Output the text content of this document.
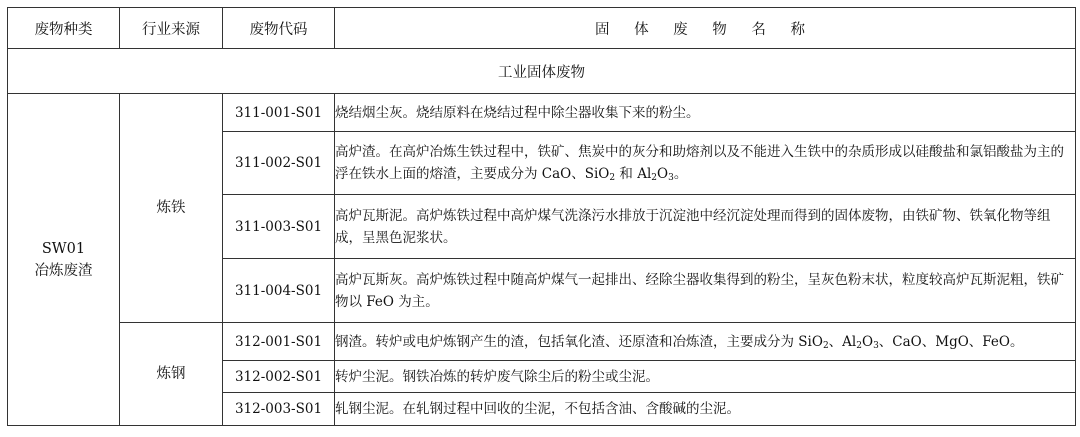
废物种类	行业来源	废物代码	固 体 废 物 名 称
工业固体废物			

SW01
冶炼废渣	炼铁	311-001-S01	烧结烟尘灰。烧结原料在烧结过程中除尘器收集下来的粉尘。
		311-002-S01	高炉渣。在高炉冶炼生铁过程中，铁矿、焦炭中的灰分和助熔剂以及不能进入生铁中的杂质形成以硅酸盐和氯铝酸盐为主的浮在铁水上面的熔渣，主要成分为 CaO、SiO$_2$ 和 $Al_2O_3$。
		311-003-S01	高炉瓦斯泥。高炉炼铁过程中高炉煤气洗涤污水排放于沉淀池中经沉淀处理而得到的固体废物，由铁矿物、铁氧化物等组成，呈黑色泥浆状。
		311-004-S01	高炉瓦斯灰。高炉炼铁过程中随高炉煤气一起排出、经除尘器收集得到的粉尘，呈灰色粉末状，粒度较高炉瓦斯泥粗，铁矿物以 FeO 为主。
	炼钢	312-001-S01	钢渣。转炉或电炉炼钢产生的渣，包括氧化渣、还原渣和冶炼渣，主要成分为 SiO$_2$、$Al_2O_3$、CaO、MgO、FeO。
		312-002-S01	转炉尘泥。钢铁冶炼的转炉废气除尘后的粉尘或尘泥。
		312-003-S01	轧钢尘泥。在轧钢过程中回收的尘泥，不包括含油、含酸碱的尘泥。
